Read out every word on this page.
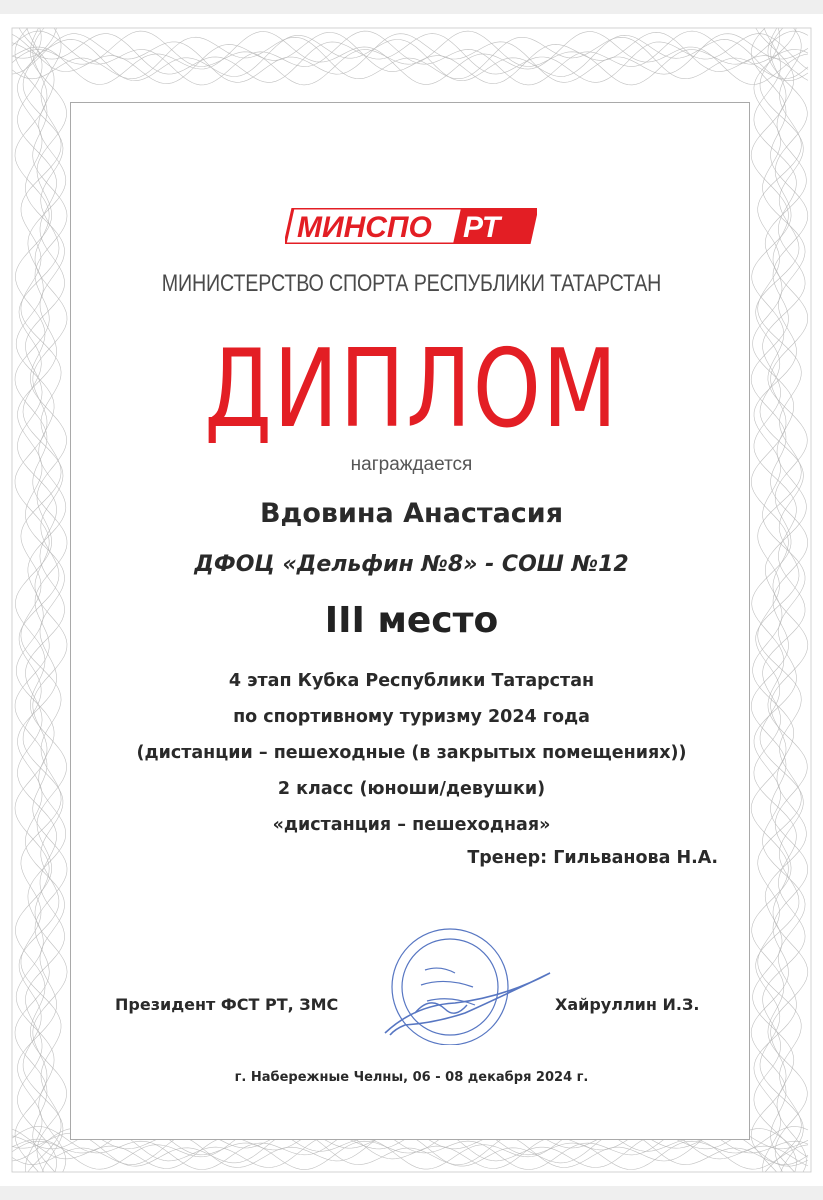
МИНСПО РТ
МИНИСТЕРСТВО СПОРТА РЕСПУБЛИКИ ТАТАРСТАН
ДИПЛОМ
награждается
Вдовина Анастасия
ДФОЦ «Дельфин №8» - СОШ №12
III место
4 этап Кубка Республики Татарстан
по спортивному туризму 2024 года
(дистанции – пешеходные (в закрытых помещениях))
2 класс (юноши/девушки)
«дистанция – пешеходная»
Тренер: Гильванова Н.А.
Президент ФСТ РТ, ЗМС	Хайруллин И.З.
г. Набережные Челны, 06 - 08 декабря 2024 г.
